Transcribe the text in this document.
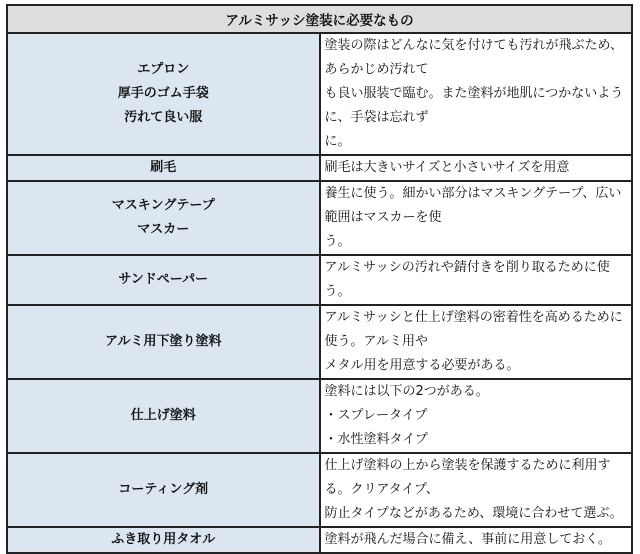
アルミサッシ塗装に必要なもの	

エプロン
厚手のゴム手袋
汚れて良い服	塗装の際はどんなに気を付けても汚れが飛ぶため、あらかじめ汚れて
も良い服装で臨む。また塗料が地肌につかないように、手袋は忘れず
に。

刷毛	刷毛は大きいサイズと小さいサイズを用意

マスキングテープ
マスカー	養生に使う。細かい部分はマスキングテープ、広い範囲はマスカーを使
う。

サンドペーパー	アルミサッシの汚れや錆付きを削り取るために使う。

アルミ用下塗り塗料	アルミサッシと仕上げ塗料の密着性を高めるために使う。アルミ用や
メタル用を用意する必要がある。

仕上げ塗料	塗料には以下の2つがある。
・スプレータイプ
・水性塗料タイプ

コーティング剤	仕上げ塗料の上から塗装を保護するために利用する。クリアタイプ、
防止タイプなどがあるため、環境に合わせて選ぶ。

ふき取り用タオル	塗料が飛んだ場合に備え、事前に用意しておく。
